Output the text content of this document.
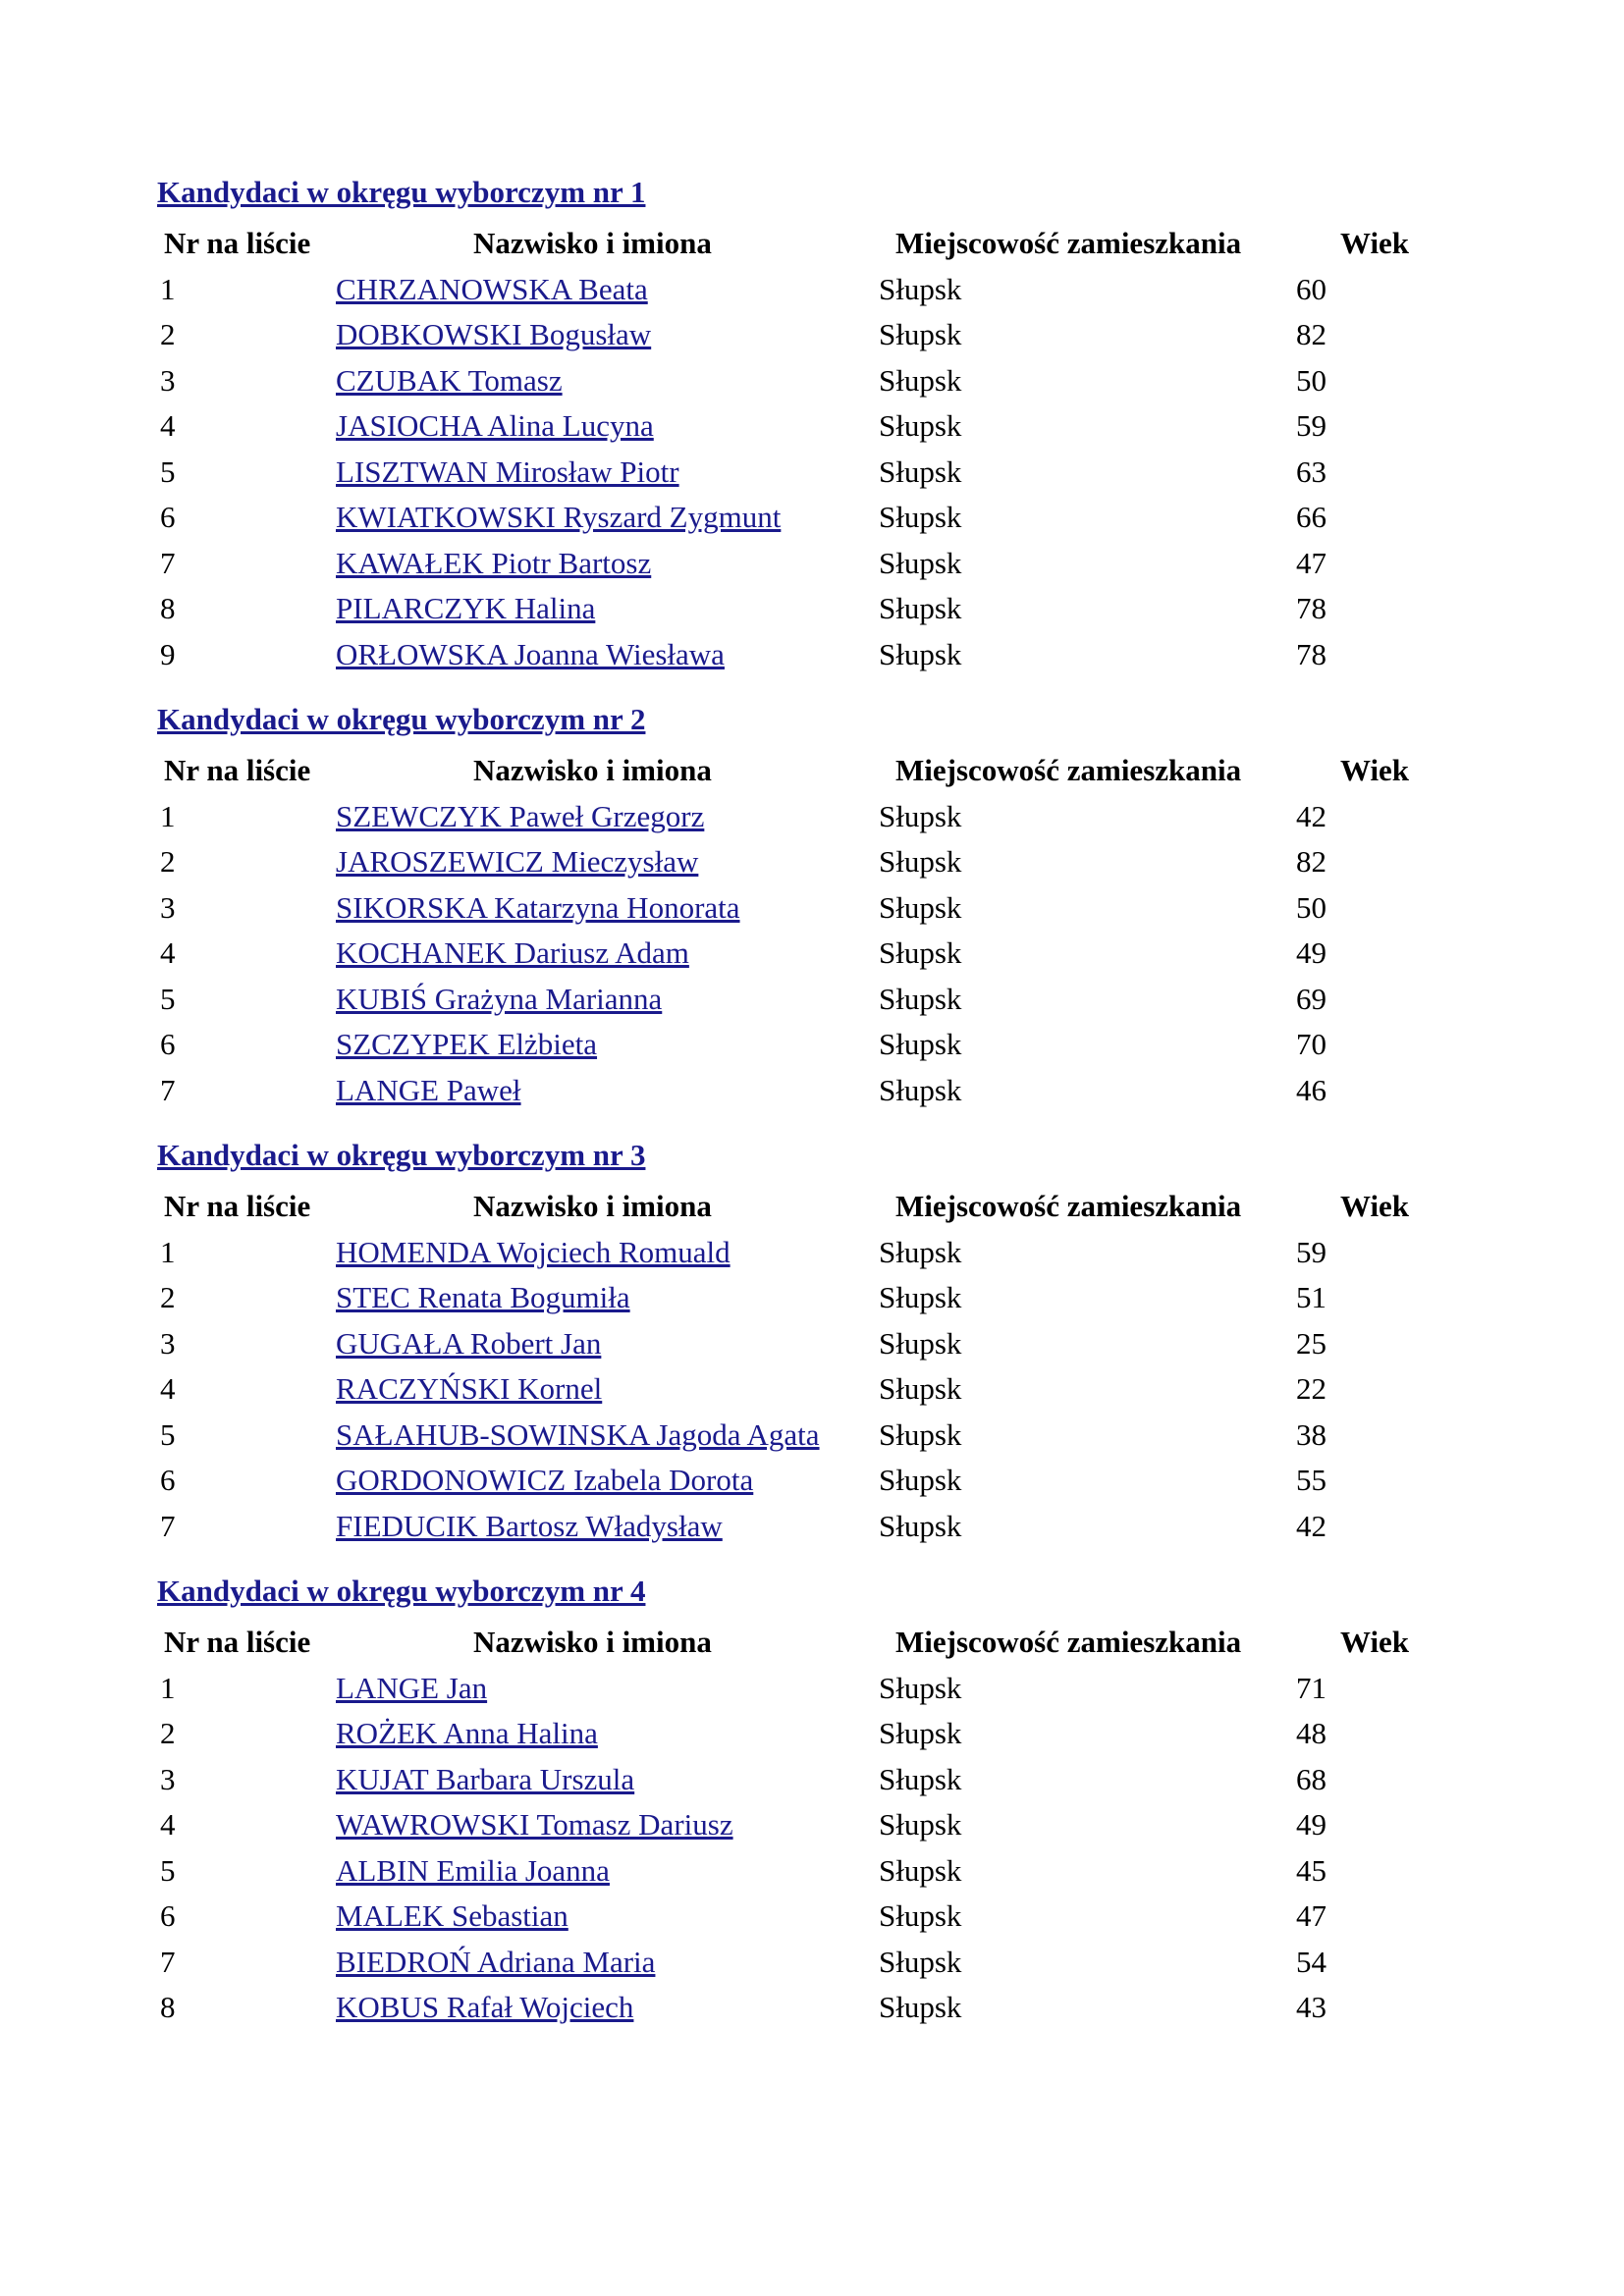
Kandydaci w okręgu wyborczym nr 1
Nr na liście	Nazwisko i imiona	Miejscowość zamieszkania	Wiek
1	CHRZANOWSKA Beata	Słupsk	60
2	DOBKOWSKI Bogusław	Słupsk	82
3	CZUBAK Tomasz	Słupsk	50
4	JASIOCHA Alina Lucyna	Słupsk	59
5	LISZTWAN Mirosław Piotr	Słupsk	63
6	KWIATKOWSKI Ryszard Zygmunt	Słupsk	66
7	KAWAŁEK Piotr Bartosz	Słupsk	47
8	PILARCZYK Halina	Słupsk	78
9	ORŁOWSKA Joanna Wiesława	Słupsk	78
Kandydaci w okręgu wyborczym nr 2
Nr na liście	Nazwisko i imiona	Miejscowość zamieszkania	Wiek
1	SZEWCZYK Paweł Grzegorz	Słupsk	42
2	JAROSZEWICZ Mieczysław	Słupsk	82
3	SIKORSKA Katarzyna Honorata	Słupsk	50
4	KOCHANEK Dariusz Adam	Słupsk	49
5	KUBIŚ Grażyna Marianna	Słupsk	69
6	SZCZYPEK Elżbieta	Słupsk	70
7	LANGE Paweł	Słupsk	46
Kandydaci w okręgu wyborczym nr 3
Nr na liście	Nazwisko i imiona	Miejscowość zamieszkania	Wiek
1	HOMENDA Wojciech Romuald	Słupsk	59
2	STEC Renata Bogumiła	Słupsk	51
3	GUGAŁA Robert Jan	Słupsk	25
4	RACZYŃSKI Kornel	Słupsk	22
5	SAŁAHUB-SOWINSKA Jagoda Agata Słupsk	38
6	GORDONOWICZ Izabela Dorota	Słupsk	55
7	FIEDUCIK Bartosz Władysław	Słupsk	42
Kandydaci w okręgu wyborczym nr 4
Nr na liście	Nazwisko i imiona	Miejscowość zamieszkania	Wiek
1	LANGE Jan	Słupsk	71
2	ROŻEK Anna Halina	Słupsk	48
3	KUJAT Barbara Urszula	Słupsk	68
4	WAWROWSKI Tomasz Dariusz	Słupsk	49
5	ALBIN Emilia Joanna	Słupsk	45
6	MALEK Sebastian	Słupsk	47
7	BIEDROŃ Adriana Maria	Słupsk	54
8	KOBUS Rafał Wojciech	Słupsk	43
